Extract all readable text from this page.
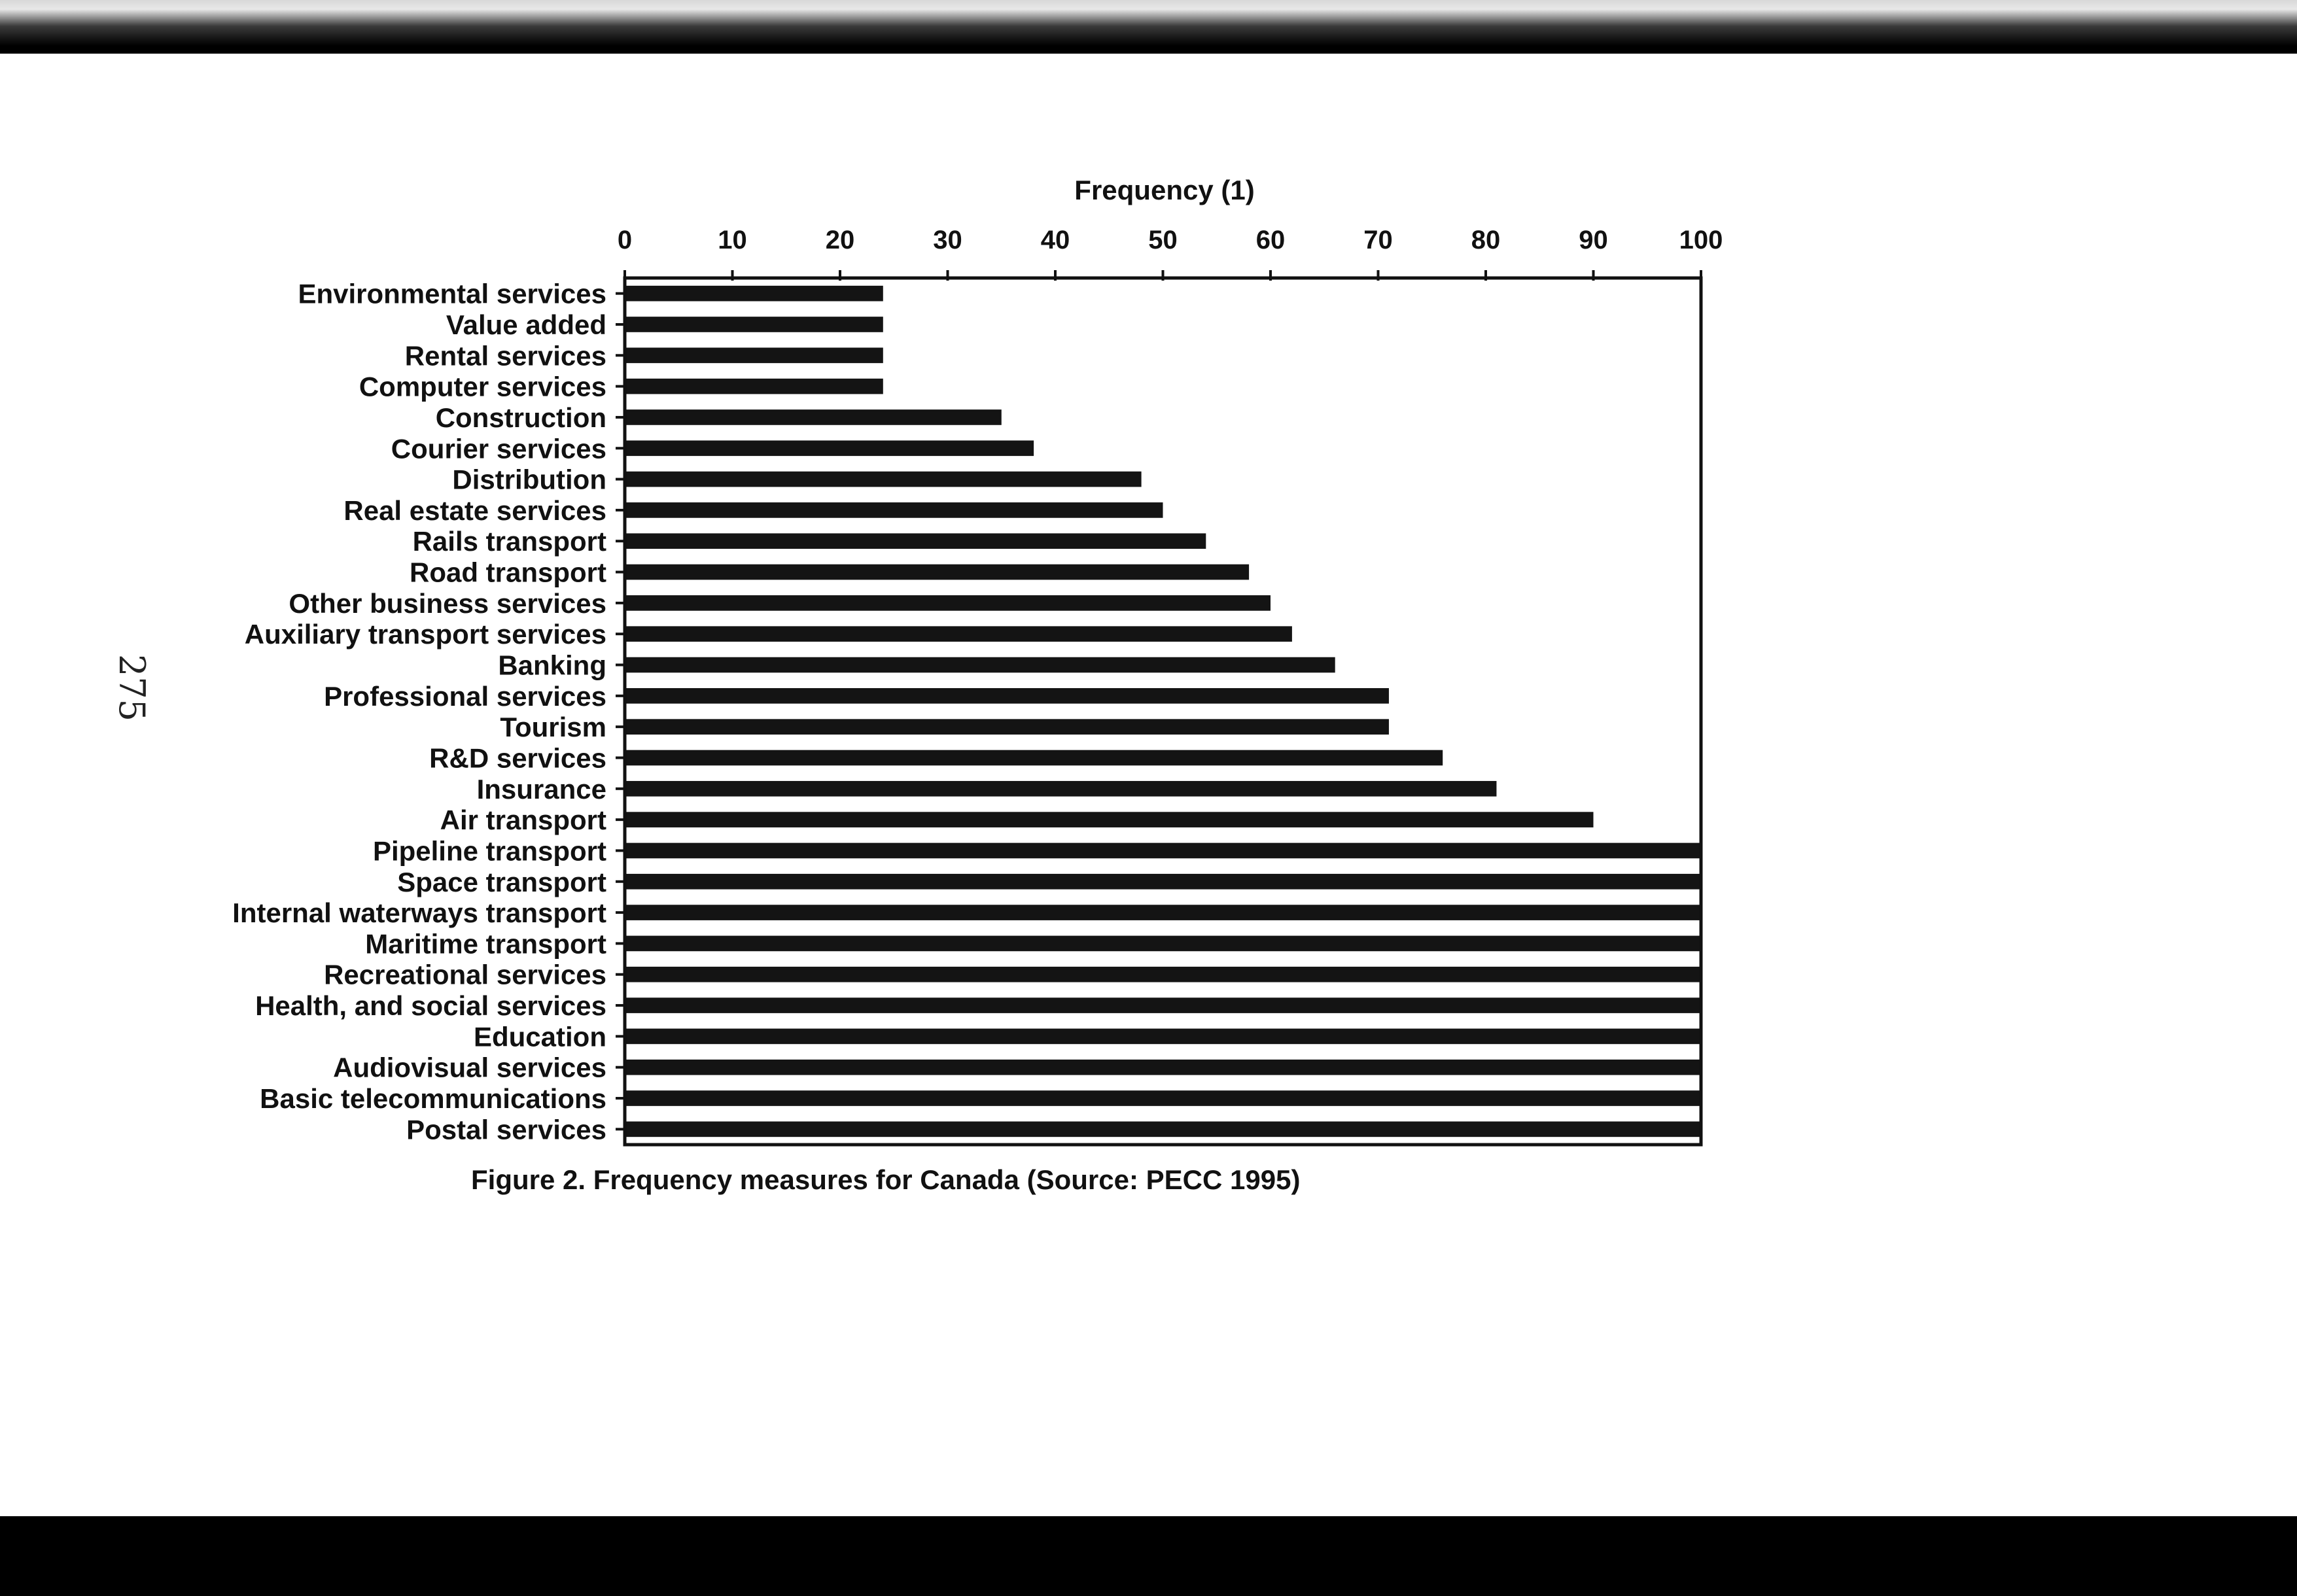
275
Frequency (1)
0	10	20	30	40	50	60	70	80	90	100
Environmental services
Value added
Rental services
Computer services
Construction
Courier services
Distribution
Real estate services
Rails transport
Road transport
Other business services
Auxiliary transport services
Banking
Professional services
Tourism
R&D services
Insurance
Air transport
Pipeline transport
Space transport
Internal waterways transport
Maritime transport
Recreational services
Health, and social services
Education
Audiovisual services
Basic telecommunications
Postal services
Figure 2. Frequency measures for Canada (Source: PECC 1995)
